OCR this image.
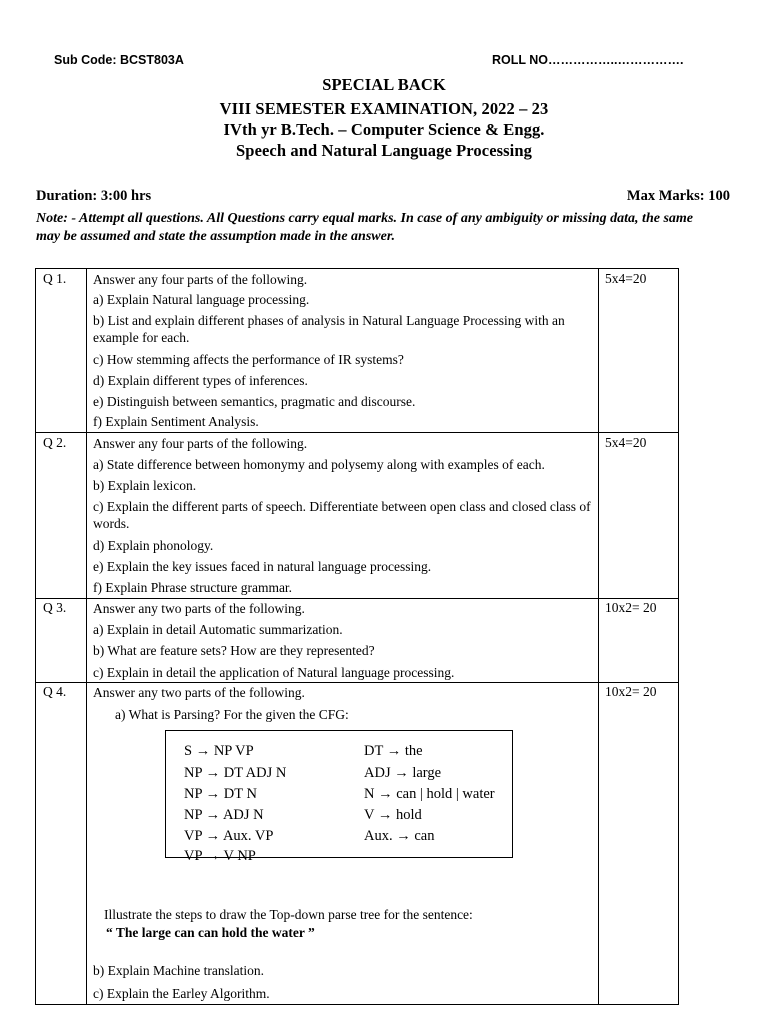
Sub Code: BCST803A	ROLL NO……………..…………….
SPECIAL BACK
VIII SEMESTER EXAMINATION, 2022 – 23
IVth yr B.Tech. – Computer Science & Engg.
Speech and Natural Language Processing
Duration: 3:00 hrs	Max Marks: 100
Note: - Attempt all questions. All Questions carry equal marks. In case of any ambiguity or missing data, the same may be assumed and state the assumption made in the answer.
Q 1.	5x4=20
Answer any four parts of the following.
a) Explain Natural language processing.
b) List and explain different phases of analysis in Natural Language Processing with an example for each.
c) How stemming affects the performance of IR systems?
d) Explain different types of inferences.
e) Distinguish between semantics, pragmatic and discourse.
f) Explain Sentiment Analysis.
Q 2.	5x4=20
Answer any four parts of the following.
a) State difference between homonymy and polysemy along with examples of each.
b) Explain lexicon.
c) Explain the different parts of speech. Differentiate between open class and closed class of words.
d) Explain phonology.
e) Explain the key issues faced in natural language processing.
f) Explain Phrase structure grammar.
Q 3.	10x2= 20
Answer any two parts of the following.
a) Explain in detail Automatic summarization.
b) What are feature sets? How are they represented?
c) Explain in detail the application of Natural language processing.
Q 4.	10x2= 20
Answer any two parts of the following.
a) What is Parsing? For the given the CFG:
S → NP VP
NP → DT ADJ N
NP → DT N
NP → ADJ N
VP → Aux. VP
VP → V NP
DT → the
ADJ → large
N → can | hold | water
V → hold
Aux. → can
Illustrate the steps to draw the Top-down parse tree for the sentence:
“ The large can can hold the water ”
b) Explain Machine translation.
c) Explain the Earley Algorithm.
